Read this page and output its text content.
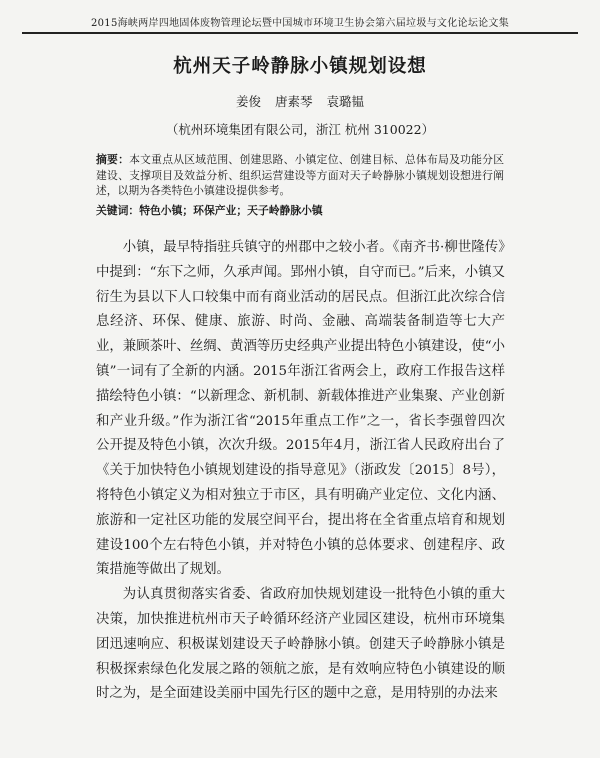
2015海峡两岸四地固体废物管理论坛暨中国城市环境卫生协会第六届垃圾与文化论坛论文集
杭州天子岭静脉小镇规划设想
姜俊 唐素琴 袁璐韫
（杭州环境集团有限公司，浙江 杭州 310022）
摘要：本文重点从区域范围、创建思路、小镇定位、创建目标、总体布局及功能分区建设、支撑项目及效益分析、组织运营建设等方面对天子岭静脉小镇规划设想进行阐述，以期为各类特色小镇建设提供参考。
关键词：特色小镇；环保产业；天子岭静脉小镇

小镇，最早特指驻兵镇守的州郡中之较小者。《南齐书·柳世隆传》中提到：“东下之师，久承声闻。郢州小镇，自守而已。”后来，小镇又衍生为县以下人口较集中而有商业活动的居民点。但浙江此次综合信息经济、环保、健康、旅游、时尚、金融、高端装备制造等七大产业，兼顾茶叶、丝绸、黄酒等历史经典产业提出特色小镇建设，使“小镇”一词有了全新的内涵。2015年浙江省两会上，政府工作报告这样描绘特色小镇：“以新理念、新机制、新载体推进产业集聚、产业创新和产业升级。”作为浙江省“2015年重点工作”之一，省长李强曾四次公开提及特色小镇，次次升级。2015年4月，浙江省人民政府出台了《关于加快特色小镇规划建设的指导意见》（浙政发〔2015〕8号），将特色小镇定义为相对独立于市区，具有明确产业定位、文化内涵、旅游和一定社区功能的发展空间平台，提出将在全省重点培育和规划建设100个左右特色小镇，并对特色小镇的总体要求、创建程序、政策措施等做出了规划。

为认真贯彻落实省委、省政府加快规划建设一批特色小镇的重大决策，加快推进杭州市天子岭循环经济产业园区建设，杭州市环境集团迅速响应、积极谋划建设天子岭静脉小镇。创建天子岭静脉小镇是积极探索绿色化发展之路的领航之旅，是有效响应特色小镇建设的顺时之为，是全面建设美丽中国先行区的题中之意，是用特别的办法来
